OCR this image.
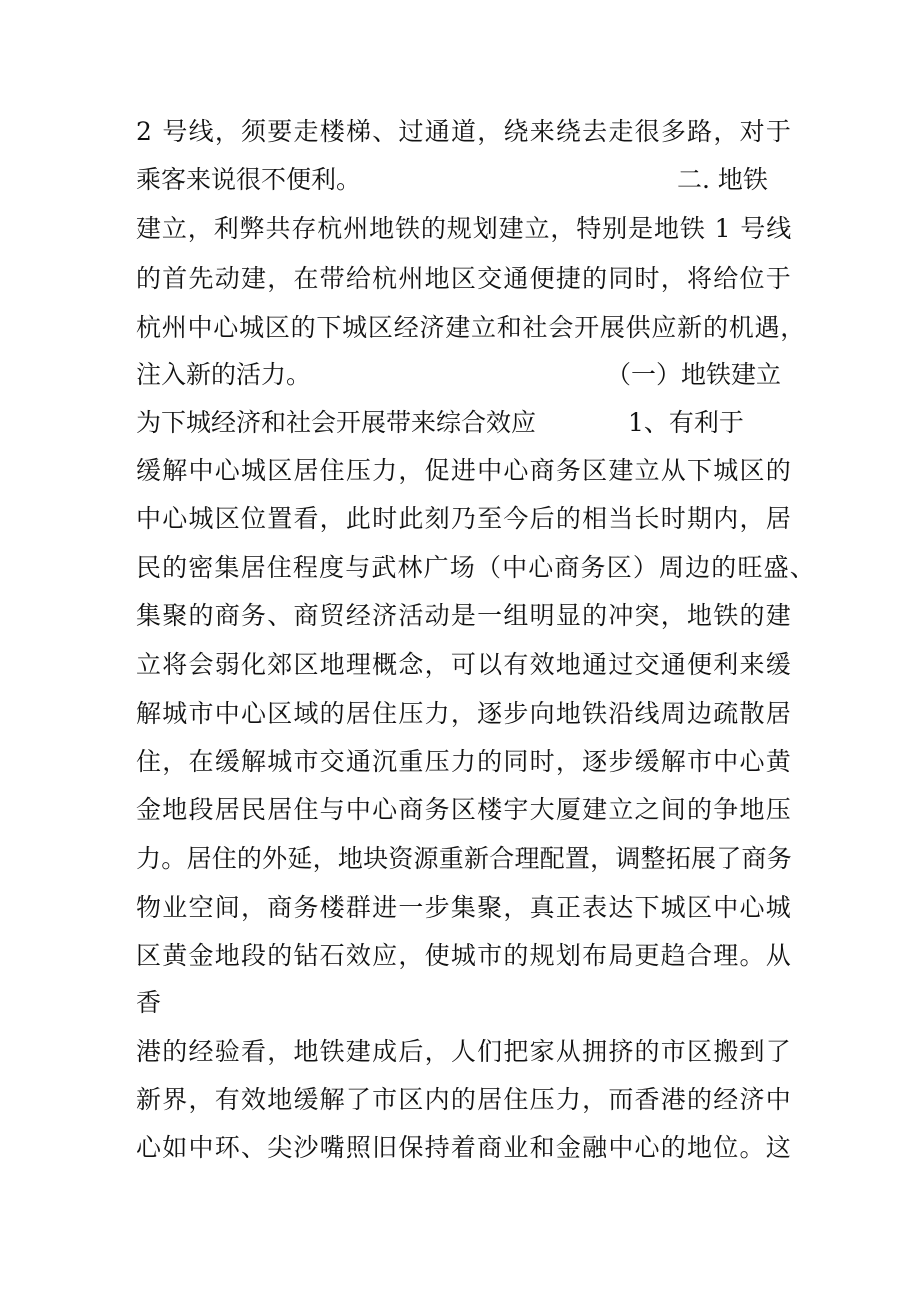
2 号线，须要走楼梯、过通道，绕来绕去走很多路，对于
乘客来说很不便利。	二. 地铁
建立，利弊共存杭州地铁的规划建立，特别是地铁 1 号线
的首先动建，在带给杭州地区交通便捷的同时，将给位于
杭州中心城区的下城区经济建立和社会开展供应新的机遇，
注入新的活力。	（一）地铁建立
为下城经济和社会开展带来综合效应	1、有利于
缓解中心城区居住压力，促进中心商务区建立从下城区的
中心城区位置看，此时此刻乃至今后的相当长时期内，居
民的密集居住程度与武林广场（中心商务区）周边的旺盛、
集聚的商务、商贸经济活动是一组明显的冲突，地铁的建
立将会弱化郊区地理概念，可以有效地通过交通便利来缓
解城市中心区域的居住压力，逐步向地铁沿线周边疏散居
住，在缓解城市交通沉重压力的同时，逐步缓解市中心黄
金地段居民居住与中心商务区楼宇大厦建立之间的争地压
力。居住的外延，地块资源重新合理配置，调整拓展了商务
物业空间，商务楼群进一步集聚，真正表达下城区中心城
区黄金地段的钻石效应，使城市的规划布局更趋合理。从
香
港的经验看，地铁建成后，人们把家从拥挤的市区搬到了
新界，有效地缓解了市区内的居住压力，而香港的经济中
心如中环、尖沙嘴照旧保持着商业和金融中心的地位。这
